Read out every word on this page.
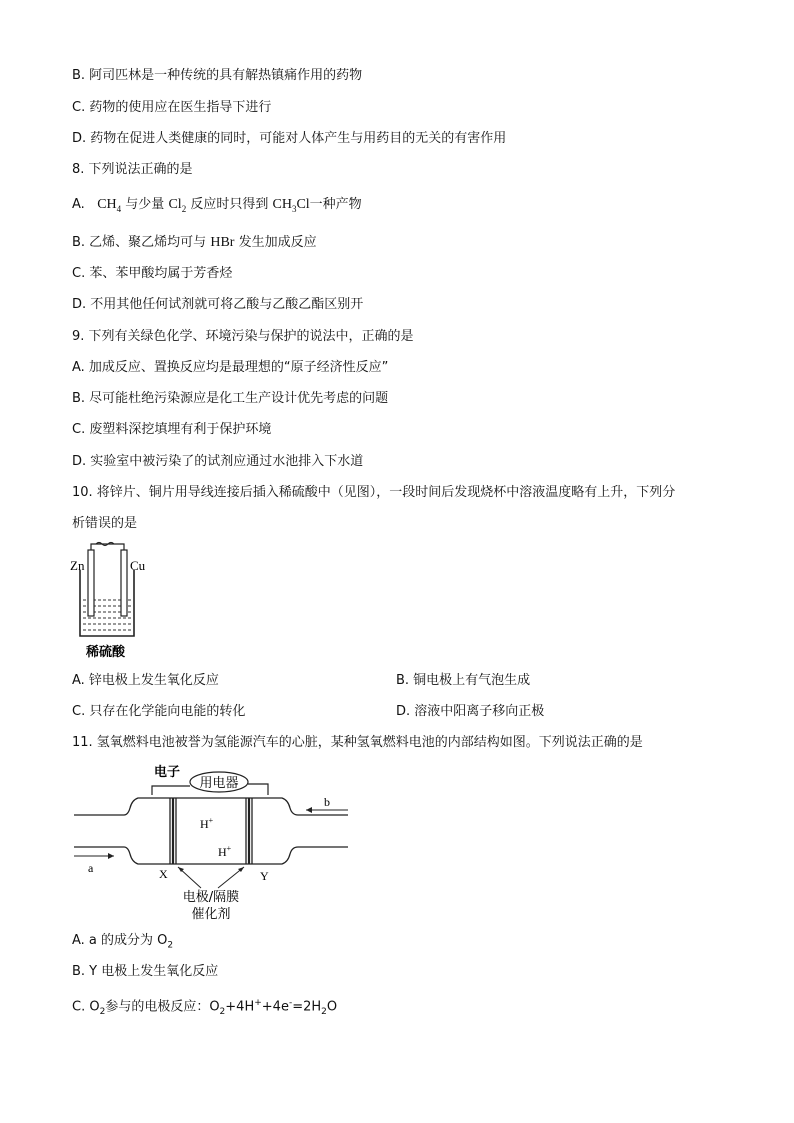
B. 阿司匹林是一种传统的具有解热镇痛作用的药物
C. 药物的使用应在医生指导下进行
D. 药物在促进人类健康的同时，可能对人体产生与用药目的无关的有害作用
8. 下列说法正确的是
A. $CH_4$ 与少量 $Cl_2$ 反应时只得到 $CH_3Cl$一种产物
B. 乙烯、聚乙烯均可与 HBr 发生加成反应
C. 苯、苯甲酸均属于芳香烃
D. 不用其他任何试剂就可将乙酸与乙酸乙酯区别开
9. 下列有关绿色化学、环境污染与保护的说法中，正确的是
A. 加成反应、置换反应均是最理想的“原子经济性反应”
B. 尽可能杜绝污染源应是化工生产设计优先考虑的问题
C. 废塑料深挖填埋有利于保护环境
D. 实验室中被污染了的试剂应通过水池排入下水道
10. 将锌片、铜片用导线连接后插入稀硫酸中（见图），一段时间后发现烧杯中溶液温度略有上升，下列分
析错误的是
Zn	Cu
稀硫酸
A. 锌电极上发生氧化反应	B. 铜电极上有气泡生成
C. 只存在化学能向电能的转化	D. 溶液中阳离子移向正极
11. 氢氧燃料电池被誉为氢能源汽车的心脏，某种氢氧燃料电池的内部结构如图。下列说法正确的是
电子
用电器
H+
H+
b
a	X	Y
电极/隔膜
催化剂
A. a 的成分为 $O_2$
B. Y 电极上发生氧化反应
C. $O_2$参与的电极反应：$O_2+4H^++4e^-=2H_2O$
